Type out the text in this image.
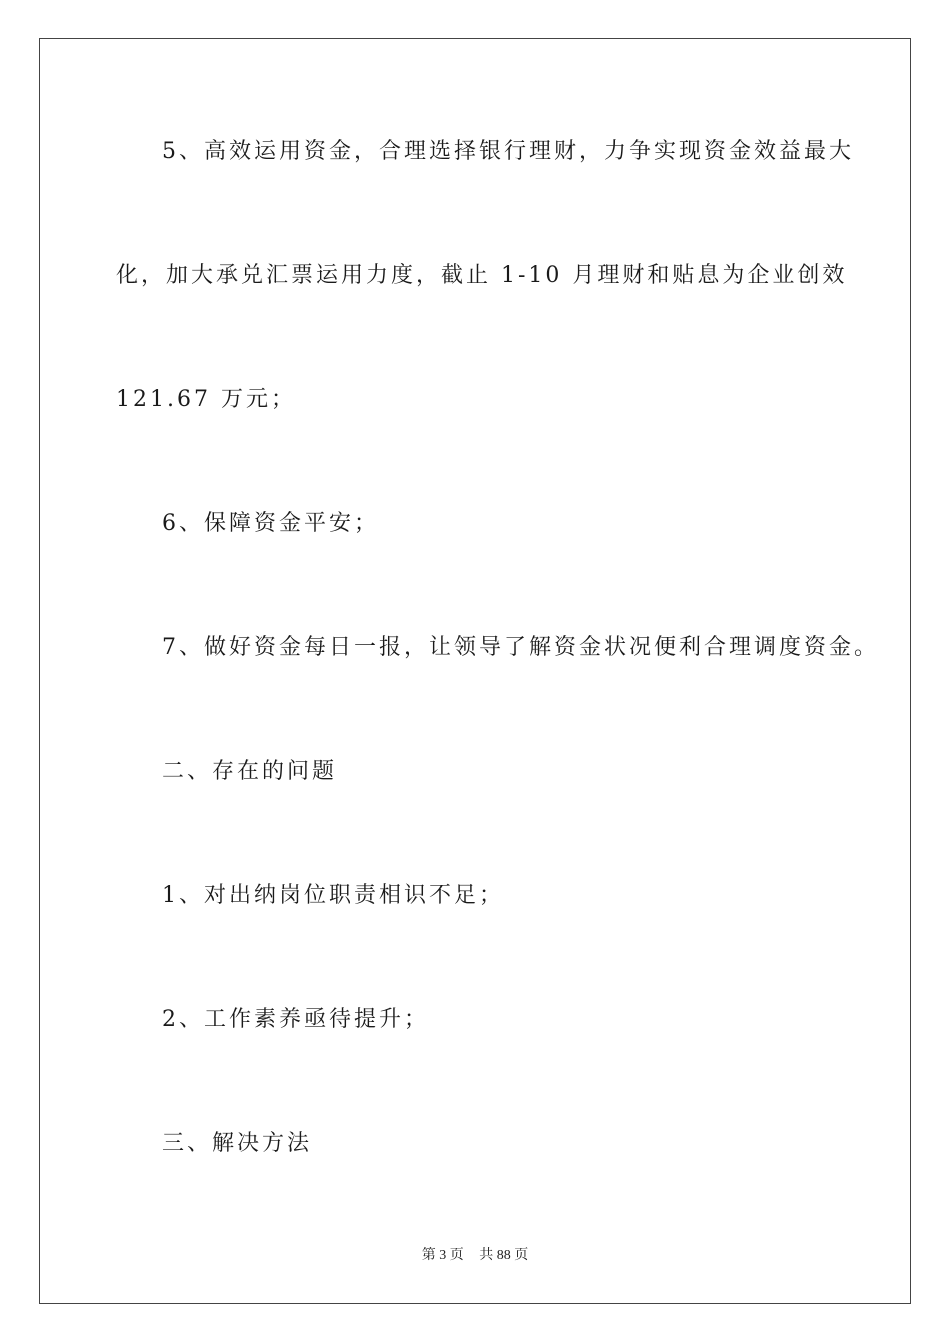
5、高效运用资金，合理选择银行理财，力争实现资金效益最大
化，加大承兑汇票运用力度，截止 1-10 月理财和贴息为企业创效
121.67 万元；
6、保障资金平安；
7、做好资金每日一报，让领导了解资金状况便利合理调度资金。
二、存在的问题
1、对出纳岗位职责相识不足；
2、工作素养亟待提升；
三、解决方法
第 3 页 共 88 页
